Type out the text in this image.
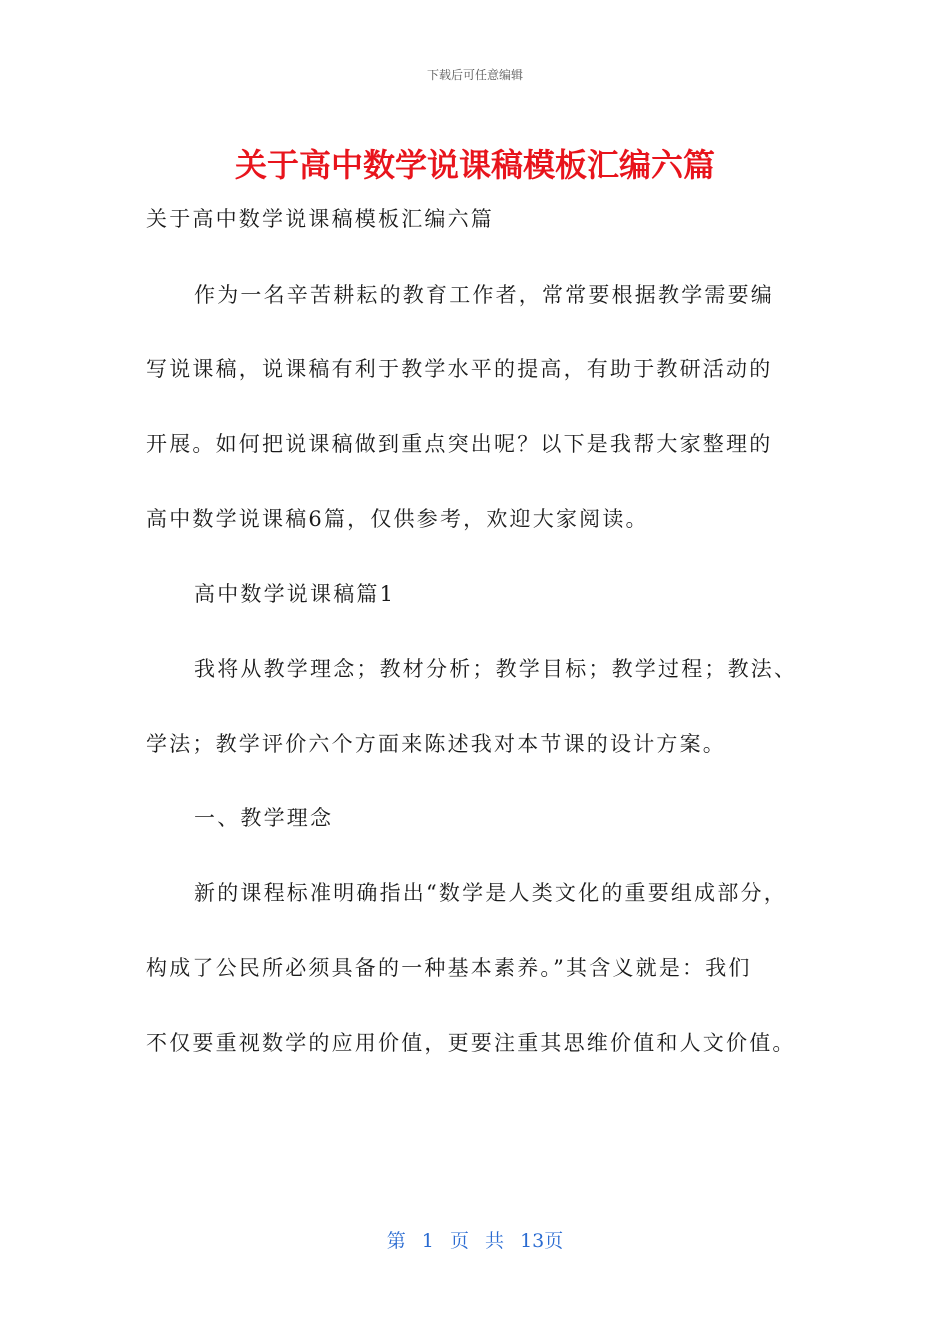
下载后可任意编辑
关于高中数学说课稿模板汇编六篇
关于高中数学说课稿模板汇编六篇
作为一名辛苦耕耘的教育工作者，常常要根据教学需要编
写说课稿，说课稿有利于教学水平的提高，有助于教研活动的
开展。如何把说课稿做到重点突出呢？以下是我帮大家整理的
高中数学说课稿6篇，仅供参考，欢迎大家阅读。
高中数学说课稿篇1
我将从教学理念；教材分析；教学目标；教学过程；教法、
学法；教学评价六个方面来陈述我对本节课的设计方案。
一、教学理念
新的课程标准明确指出“数学是人类文化的重要组成部分，
构成了公民所必须具备的一种基本素养。”其含义就是：我们
不仅要重视数学的应用价值，更要注重其思维价值和人文价值。
第 1 页 共 13页
